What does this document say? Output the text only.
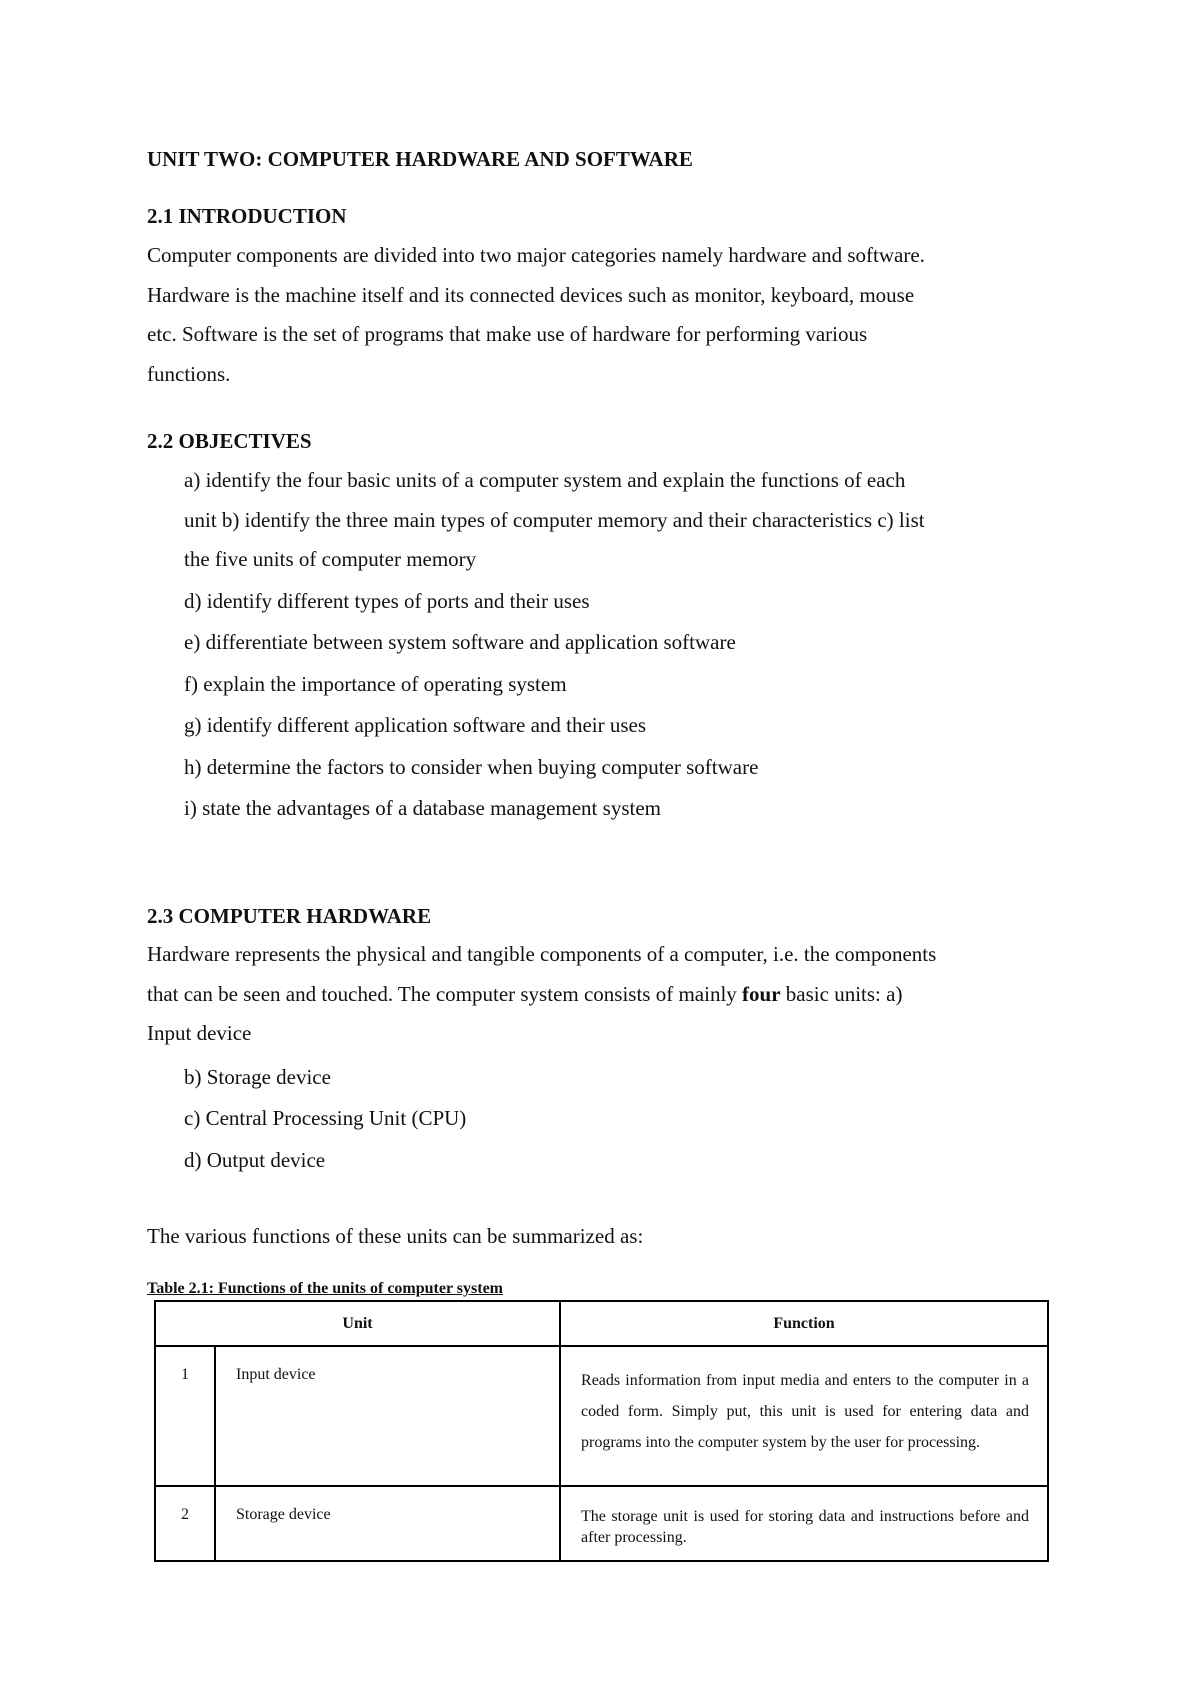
UNIT TWO: COMPUTER HARDWARE AND SOFTWARE
2.1 INTRODUCTION
Computer components are divided into two major categories namely hardware and software.
Hardware is the machine itself and its connected devices such as monitor, keyboard, mouse
etc. Software is the set of programs that make use of hardware for performing various
functions.
2.2 OBJECTIVES
a) identify the four basic units of a computer system and explain the functions of each
unit b) identify the three main types of computer memory and their characteristics c) list
the five units of computer memory
d) identify different types of ports and their uses
e) differentiate between system software and application software
f) explain the importance of operating system
g) identify different application software and their uses
h) determine the factors to consider when buying computer software
i) state the advantages of a database management system
2.3 COMPUTER HARDWARE
Hardware represents the physical and tangible components of a computer, i.e. the components
that can be seen and touched. The computer system consists of mainly four basic units: a)
Input device
b) Storage device
c) Central Processing Unit (CPU)
d) Output device
The various functions of these units can be summarized as:
Table 2.1: Functions of the units of computer system
Unit		Function
1	Input device	Reads information from input media and enters to the computer in a coded form. Simply put, this unit is used for entering data and programs into the computer system by the user for processing.
2	Storage device	The storage unit is used for storing data and instructions before and after processing.
